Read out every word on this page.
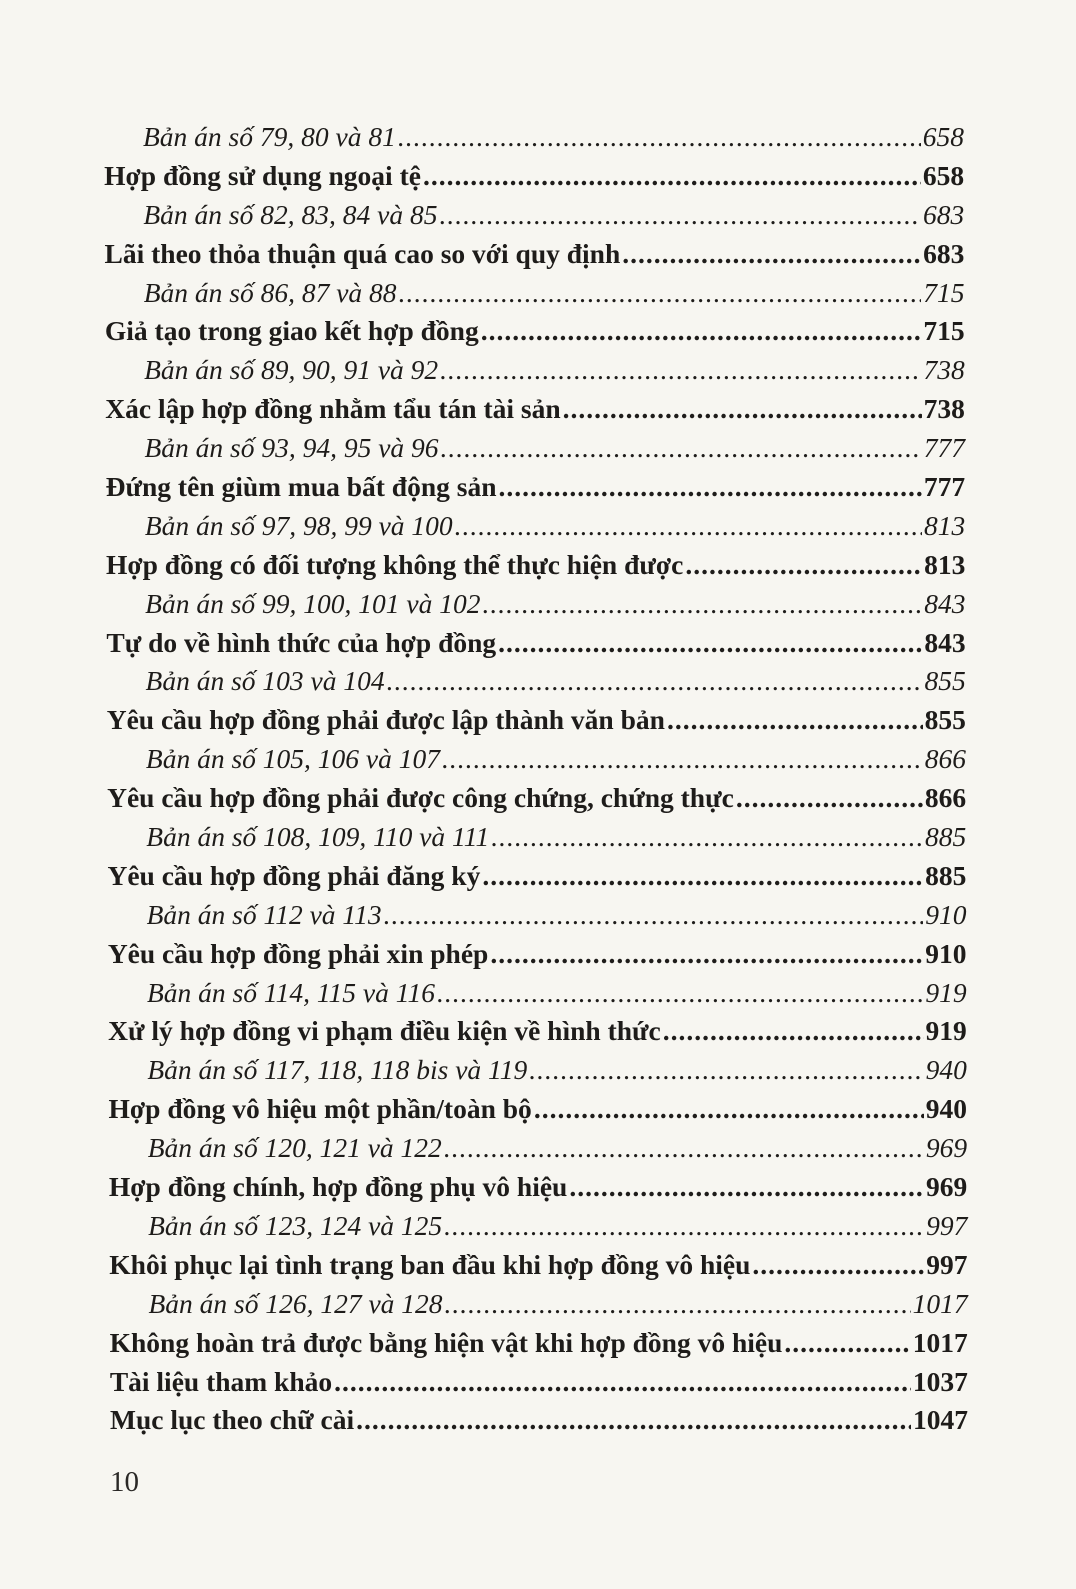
Bản án số 79, 80 và 81 .....	658
Hợp đồng sử dụng ngoại tệ .....	658
Bản án số 82, 83, 84 và 85 .....	683
Lãi theo thỏa thuận quá cao so với quy định .....	683
Bản án số 86, 87 và 88 .....	715
Giả tạo trong giao kết hợp đồng .....	715
Bản án số 89, 90, 91 và 92 .....	738
Xác lập hợp đồng nhằm tẩu tán tài sản .....	738
Bản án số 93, 94, 95 và 96 .....	777
Đứng tên giùm mua bất động sản .....	777
Bản án số 97, 98, 99 và 100 .....	813
Hợp đồng có đối tượng không thể thực hiện được .....	813
Bản án số 99, 100, 101 và 102 .....	843
Tự do về hình thức của hợp đồng .....	843
Bản án số 103 và 104 .....	855
Yêu cầu hợp đồng phải được lập thành văn bản .....	855
Bản án số 105, 106 và 107 .....	866
Yêu cầu hợp đồng phải được công chứng, chứng thực .....	866
Bản án số 108, 109, 110 và 111 .....	885
Yêu cầu hợp đồng phải đăng ký .....	885
Bản án số 112 và 113 .....	910
Yêu cầu hợp đồng phải xin phép .....	910
Bản án số 114, 115 và 116 .....	919
Xử lý hợp đồng vi phạm điều kiện về hình thức .....	919
Bản án số 117, 118, 118 bis và 119 .....	940
Hợp đồng vô hiệu một phần/toàn bộ .....	940
Bản án số 120, 121 và 122 .....	969
Hợp đồng chính, hợp đồng phụ vô hiệu .....	969
Bản án số 123, 124 và 125 .....	997
Khôi phục lại tình trạng ban đầu khi hợp đồng vô hiệu .....	997
Bản án số 126, 127 và 128 .....	1017
Không hoàn trả được bằng hiện vật khi hợp đồng vô hiệu .....	1017
Tài liệu tham khảo .....	1037
Mục lục theo chữ cài .....	1047
10
